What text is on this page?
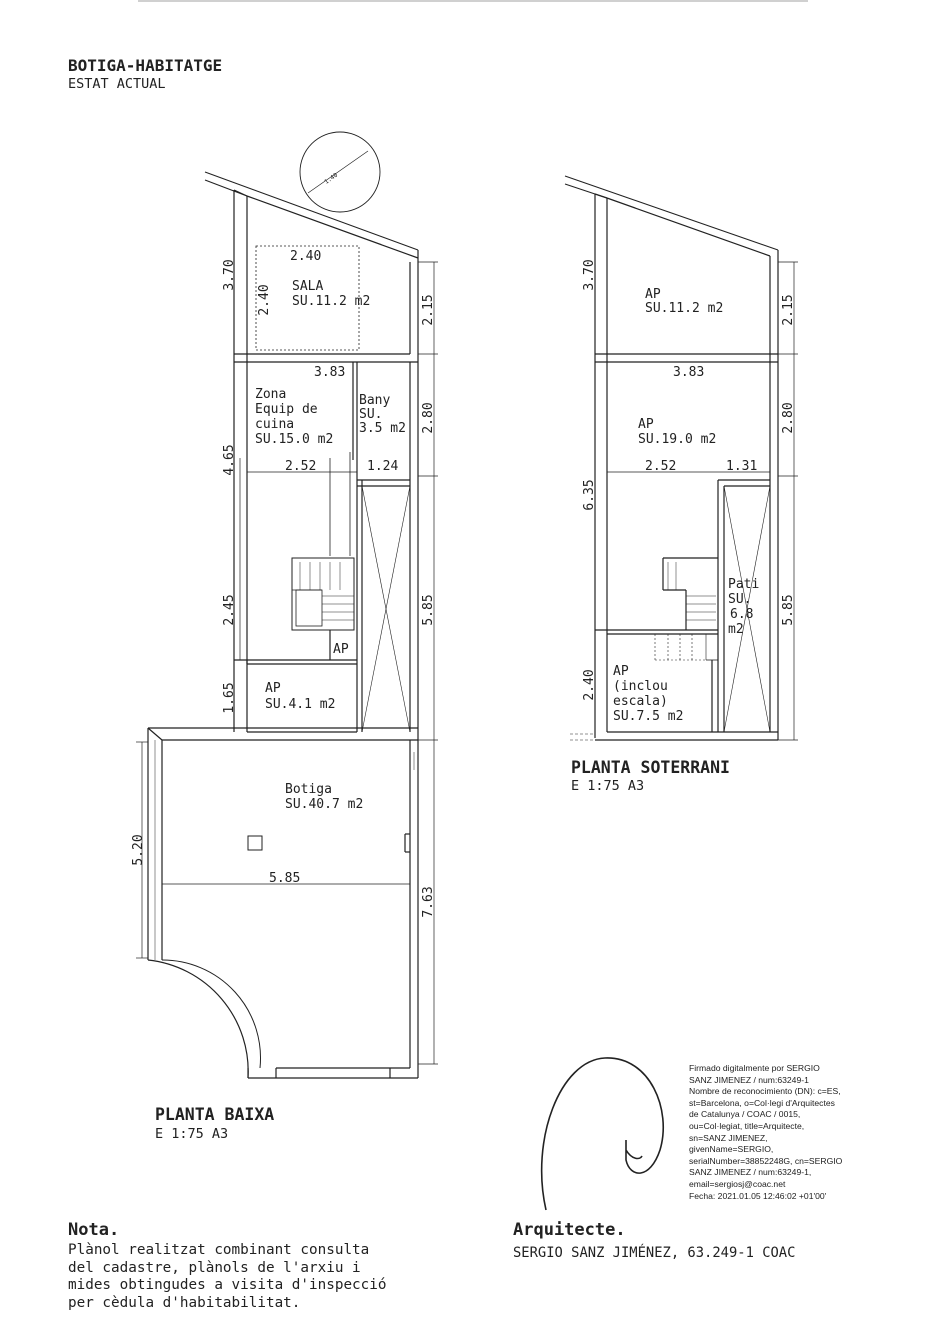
BOTIGA-HABITATGE
ESTAT ACTUAL
SALA
SU.11.2 m2
Zona
Equip de
cuina
SU.15.0 m2
Bany
SU.
3.5 m2
AP
AP
SU.4.1 m2
Botiga
SU.40.7 m2
2.40
3.83
2.52	1.24
5.85
2.40
3.70
2.15
2.80
4.65
2.45	5.85
1.65
5.20
7.63
1.40
AP
SU.11.2 m2
AP
SU.19.0 m2
Pati
SU.
6.8
m2
AP
(inclou
escala)
SU.7.5 m2
3.83
2.52	1.31
3.70
2.15
2.80
6.35
5.85
2.40
PLANTA BAIXA
E 1:75 A3
PLANTA SOTERRANI
E 1:75 A3
Firmado digitalmente por SERGIO
SANZ JIMENEZ / num:63249-1
Nombre de reconocimiento (DN): c=ES,
st=Barcelona, o=Col·legi d'Arquitectes
de Catalunya / COAC / 0015,
ou=Col·legiat, title=Arquitecte,
sn=SANZ JIMENEZ,
givenName=SERGIO,
serialNumber=38852248G, cn=SERGIO
SANZ JIMENEZ / num:63249-1,
email=sergiosj@coac.net
Fecha: 2021.01.05 12:46:02 +01'00'
Nota.
Plànol realitzat combinant consulta
del cadastre, plànols de l'arxiu i
mides obtingudes a visita d'inspecció
per cèdula d'habitabilitat.
Arquitecte.
SERGIO SANZ JIMÉNEZ, 63.249-1 COAC
